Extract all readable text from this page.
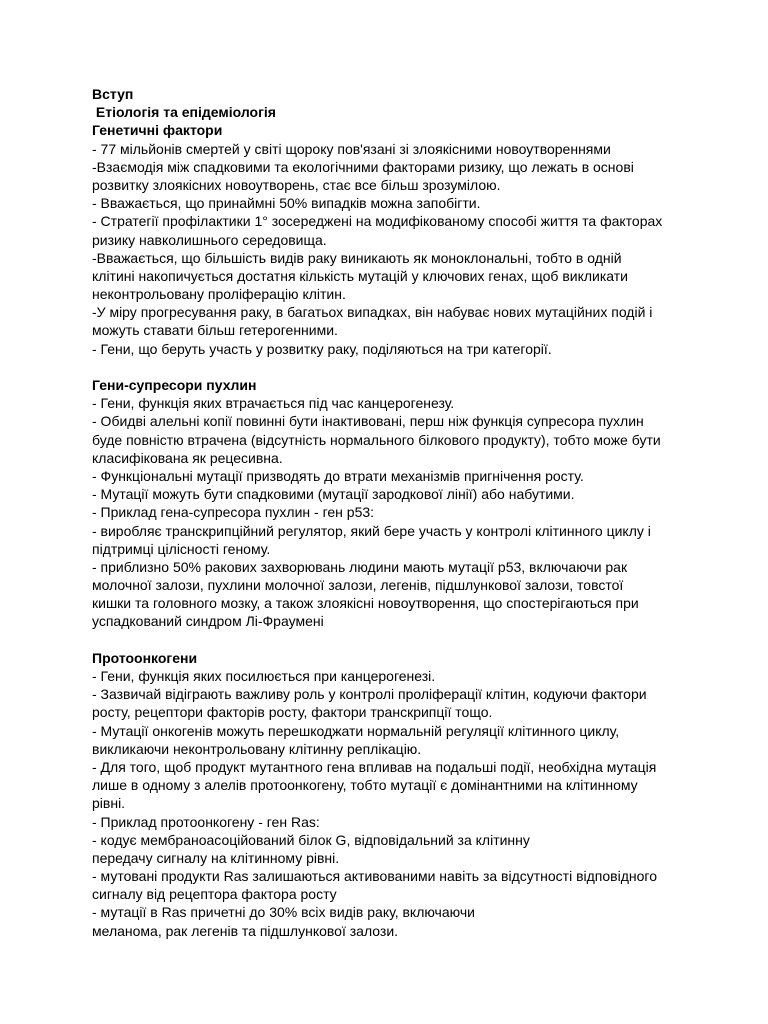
Вступ
Етіологія та епідеміологія
Генетичні фактори
- 77 мільйонів смертей у світі щороку пов'язані зі злоякісними новоутвореннями
-Взаємодія між спадковими та екологічними факторами ризику, що лежать в основі
розвитку злоякісних новоутворень, стає все більш зрозумілою.
- Вважається, що принаймні 50% випадків можна запобігти.
- Стратегії профілактики 1° зосереджені на модифікованому способі життя та факторах
ризику навколишнього середовища.
-Вважається, що більшість видів раку виникають як моноклональні, тобто в одній
клітині накопичується достатня кількість мутацій у ключових генах, щоб викликати
неконтрольовану проліферацію клітин.
-У міру прогресування раку, в багатьох випадках, він набуває нових мутаційних подій і
можуть ставати більш гетерогенними.
- Гени, що беруть участь у розвитку раку, поділяються на три категорії.
Гени-супресори пухлин
- Гени, функція яких втрачається під час канцерогенезу.
- Обидві алельні копії повинні бути інактивовані, перш ніж функція супресора пухлин
буде повністю втрачена (відсутність нормального білкового продукту), тобто може бути
класифікована як рецесивна.
- Функціональні мутації призводять до втрати механізмів пригнічення росту.
- Мутації можуть бути спадковими (мутації зародкової лінії) або набутими.
- Приклад гена-супресора пухлин - ген p53:
- виробляє транскрипційний регулятор, який бере участь у контролі клітинного циклу і
підтримці цілісності геному.
- приблизно 50% ракових захворювань людини мають мутації p53, включаючи рак
молочної залози, пухлини молочної залози, легенів, підшлункової залози, товстої
кишки та головного мозку, а також злоякісні новоутворення, що спостерігаються при
успадкований синдром Лі-Фраумені
Протоонкогени
- Гени, функція яких посилюється при канцерогенезі.
- Зазвичай відіграють важливу роль у контролі проліферації клітин, кодуючи фактори
росту, рецептори факторів росту, фактори транскрипції тощо.
- Мутації онкогенів можуть перешкоджати нормальній регуляції клітинного циклу,
викликаючи неконтрольовану клітинну реплікацію.
- Для того, щоб продукт мутантного гена впливав на подальші події, необхідна мутація
лише в одному з алелів протоонкогену, тобто мутації є домінантними на клітинному
рівні.
- Приклад протоонкогену - ген Ras:
- кодує мембраноасоційований білок G, відповідальний за клітинну
передачу сигналу на клітинному рівні.
- мутовані продукти Ras залишаються активованими навіть за відсутності відповідного
сигналу від рецептора фактора росту
- мутації в Ras причетні до 30% всіх видів раку, включаючи
меланома, рак легенів та підшлункової залози.
